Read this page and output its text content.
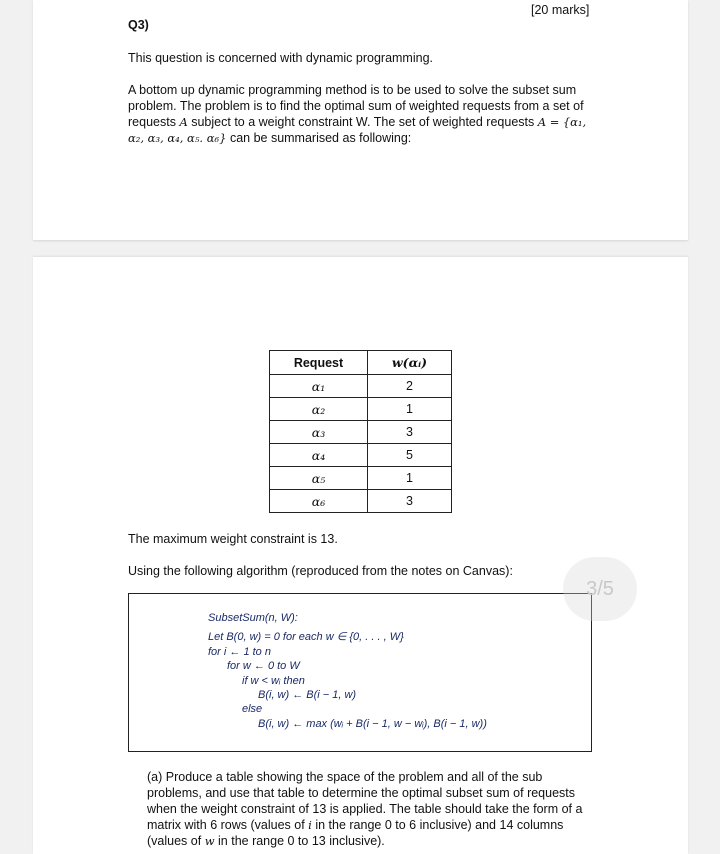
[20 marks]
Q3)
This question is concerned with dynamic programming.
A bottom up dynamic programming method is to be used to solve the subset sum problem. The problem is to find the optimal sum of weighted requests from a set of requests A subject to a weight constraint W. The set of weighted requests A = {α₁, α₂, α₃, α₄, α₅. α₆} can be summarised as following:
Request	w(αᵢ)
α₁	2
α₂	1
α₃	3
α₄	5
α₅	1
α₆	3
The maximum weight constraint is 13.
Using the following algorithm (reproduced from the notes on Canvas):
SubsetSum(n, W):
Let B(0, w) = 0 for each w ∈ {0, . . . , W}
for i ← 1 to n
for w ← 0 to W
if w < wᵢ then
B(i, w) ← B(i − 1, w)
else
B(i, w) ← max (wᵢ + B(i − 1, w − wᵢ), B(i − 1, w))
3/5
(a) Produce a table showing the space of the problem and all of the sub problems, and use that table to determine the optimal subset sum of requests when the weight constraint of 13 is applied. The table should take the form of a matrix with 6 rows (values of i in the range 0 to 6 inclusive) and 14 columns (values of w in the range 0 to 13 inclusive).
